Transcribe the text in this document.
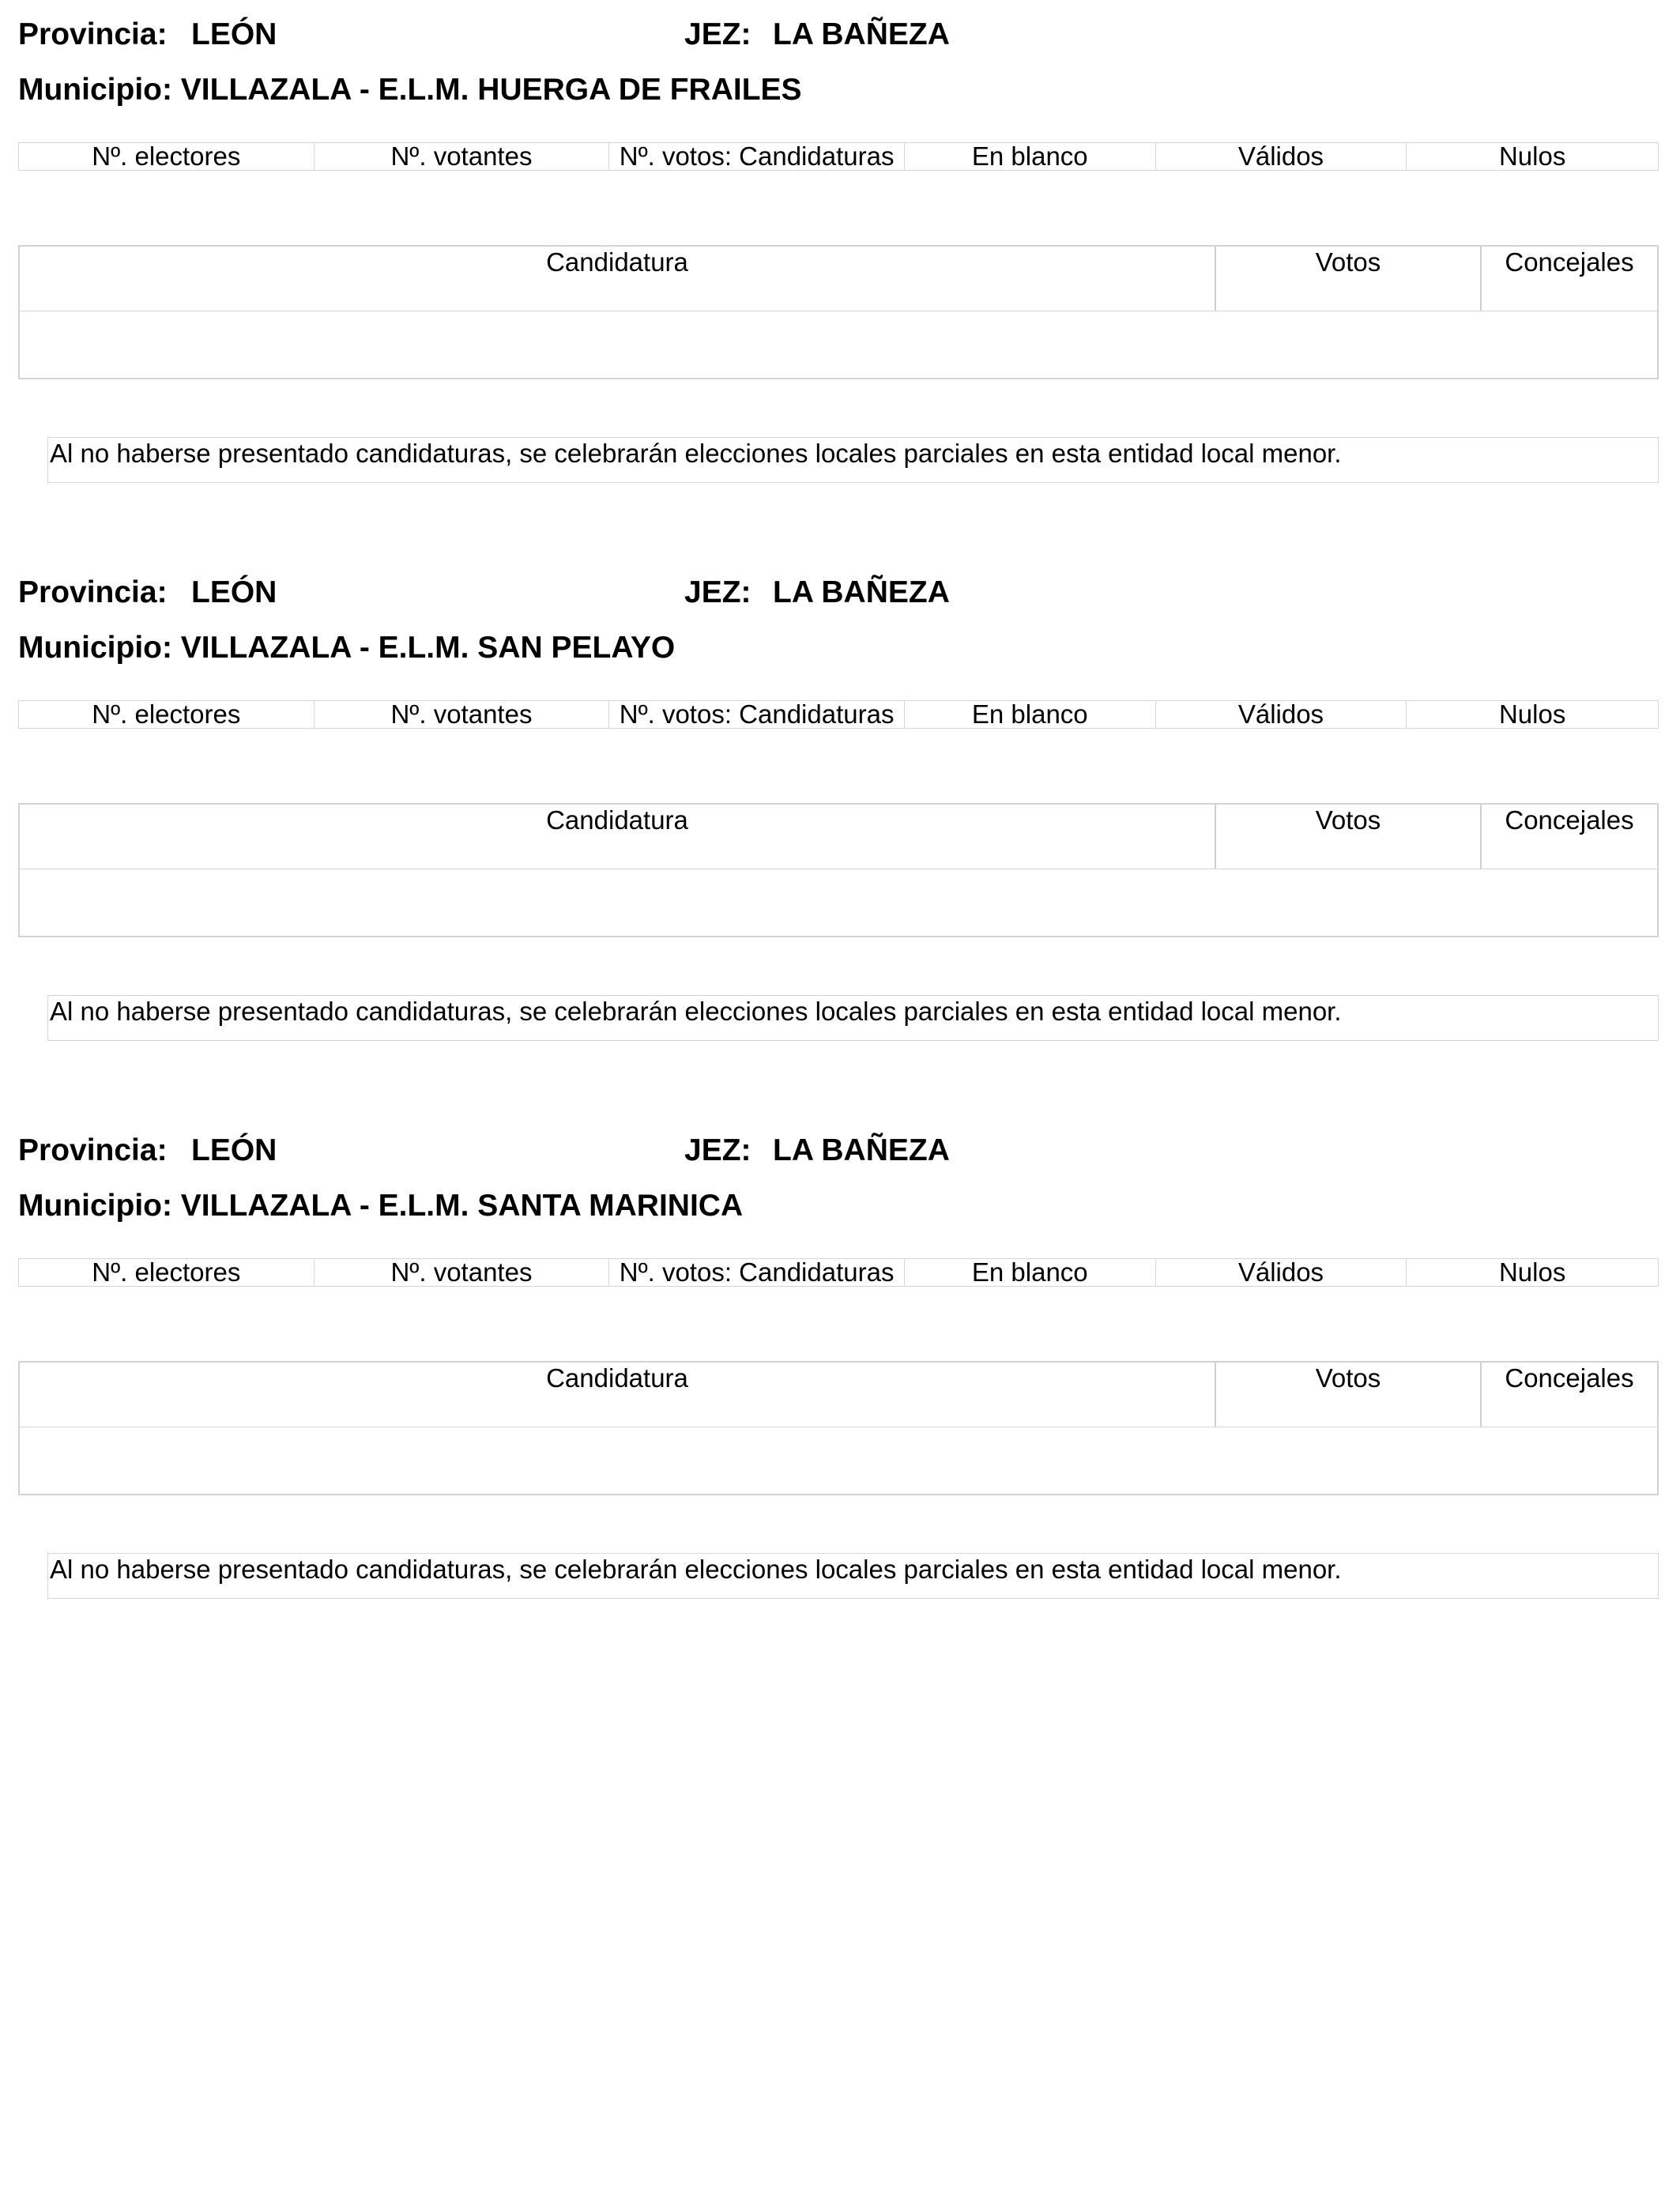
Provincia: LEÓN	JEZ: LA BAÑEZA
Municipio: VILLAZALA - E.L.M. HUERGA DE FRAILES
Nº. electores	Nº. votantes	Nº. votos: Candidaturas	En blanco	Válidos	Nulos
Candidatura	Votos	Concejales
Al no haberse presentado candidaturas, se celebrarán elecciones locales parciales en esta entidad local menor.
Provincia: LEÓN	JEZ: LA BAÑEZA
Municipio: VILLAZALA - E.L.M. SAN PELAYO
Nº. electores	Nº. votantes	Nº. votos: Candidaturas	En blanco	Válidos	Nulos
Candidatura	Votos	Concejales
Al no haberse presentado candidaturas, se celebrarán elecciones locales parciales en esta entidad local menor.
Provincia: LEÓN	JEZ: LA BAÑEZA
Municipio: VILLAZALA - E.L.M. SANTA MARINICA
Nº. electores	Nº. votantes	Nº. votos: Candidaturas	En blanco	Válidos	Nulos
Candidatura	Votos	Concejales
Al no haberse presentado candidaturas, se celebrarán elecciones locales parciales en esta entidad local menor.
